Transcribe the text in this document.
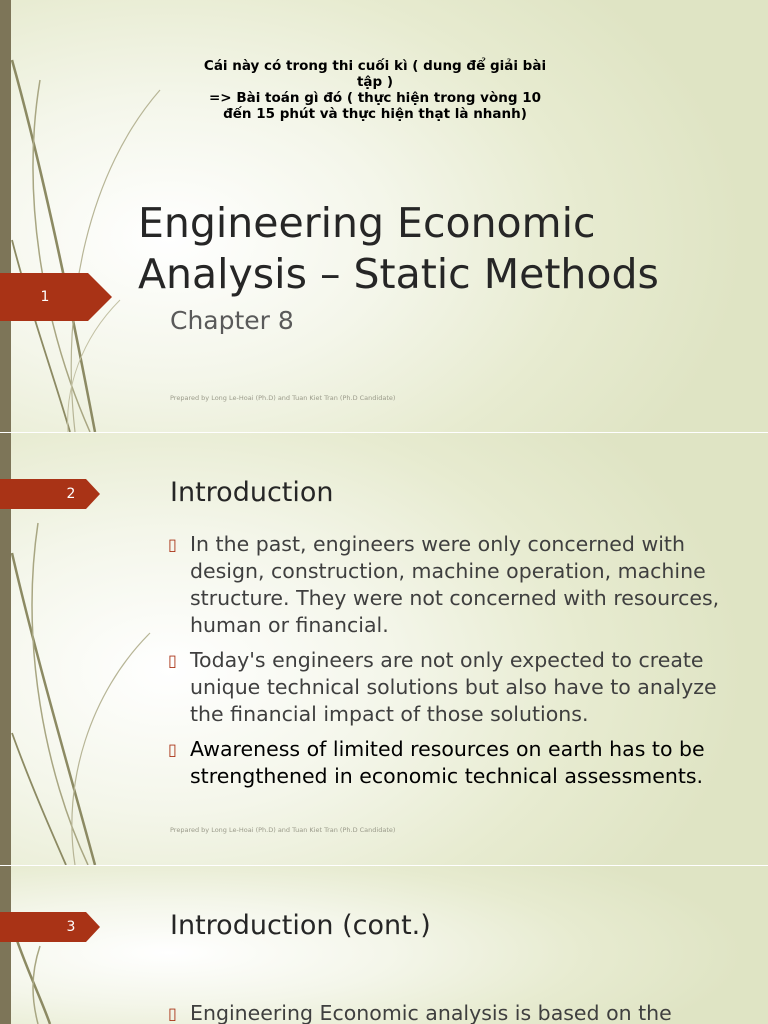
1
Cái này có trong thi cuối kì ( dung để giải bài
tập )
=> Bài toán gì đó ( thực hiện trong vòng 10
đến 15 phút và thực hiện thạt là nhanh)
Engineering Economic
Analysis – Static Methods
Chapter 8
Prepared by Long Le-Hoai (Ph.D) and Tuan Kiet Tran (Ph.D Candidate)
2	Introduction
▯ In the past, engineers were only concerned with design, construction, machine operation, machine structure. They were not concerned with resources, human or financial.
▯ Today's engineers are not only expected to create unique technical solutions but also have to analyze the financial impact of those solutions.
▯ Awareness of limited resources on earth has to be strengthened in economic technical assessments.
Prepared by Long Le-Hoai (Ph.D) and Tuan Kiet Tran (Ph.D Candidate)
3	Introduction (cont.)
▯ Engineering Economic analysis is based on the
